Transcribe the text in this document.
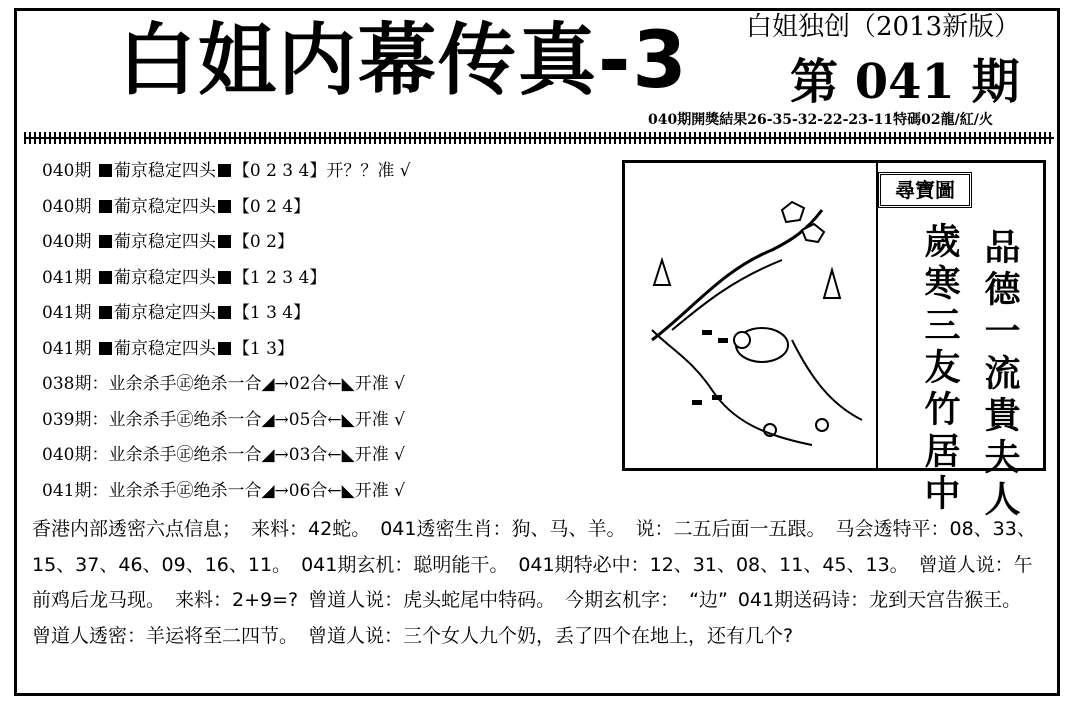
白姐内幕传真-3 白姐独创（2013新版）
第 041 期
040期開獎結果26-35-32-22-23-11特碼02龍/紅/火
040期 葡京稳定四头 【0 2 3 4】开？？准 √
040期 葡京稳定四头 【0 2 4】
040期 葡京稳定四头 【0 2】
041期 葡京稳定四头 【1 2 3 4】
041期 葡京稳定四头 【1 3 4】
041期 葡京稳定四头 【1 3】
038期：业余杀手㊣绝杀一合◢→02合←◣开准 √
039期：业余杀手㊣绝杀一合◢→05合←◣开准 √
040期：业余杀手㊣绝杀一合◢→03合←◣开准 √
041期：业余杀手㊣绝杀一合◢→06合←◣开准 √
尋寶圖
品德一流貴夫人
歲寒三友竹居中
香港内部透密六点信息； 来料：42蛇。 041透密生肖：狗、马、羊。 说：二五后面一五跟。 马会透特平：08、33、15、37、46、09、16、11。 041期玄机：聪明能干。 041期特必中：12、31、08、11、45、13。 曾道人说：午前鸡后龙马现。 来料：2+9=? 曾道人说：虎头蛇尾中特码。 今期玄机字： “边” 041期送码诗：龙到天宫告猴王。曾道人透密：羊运将至二四节。 曾道人说：三个女人九个奶，丢了四个在地上，还有几个?
